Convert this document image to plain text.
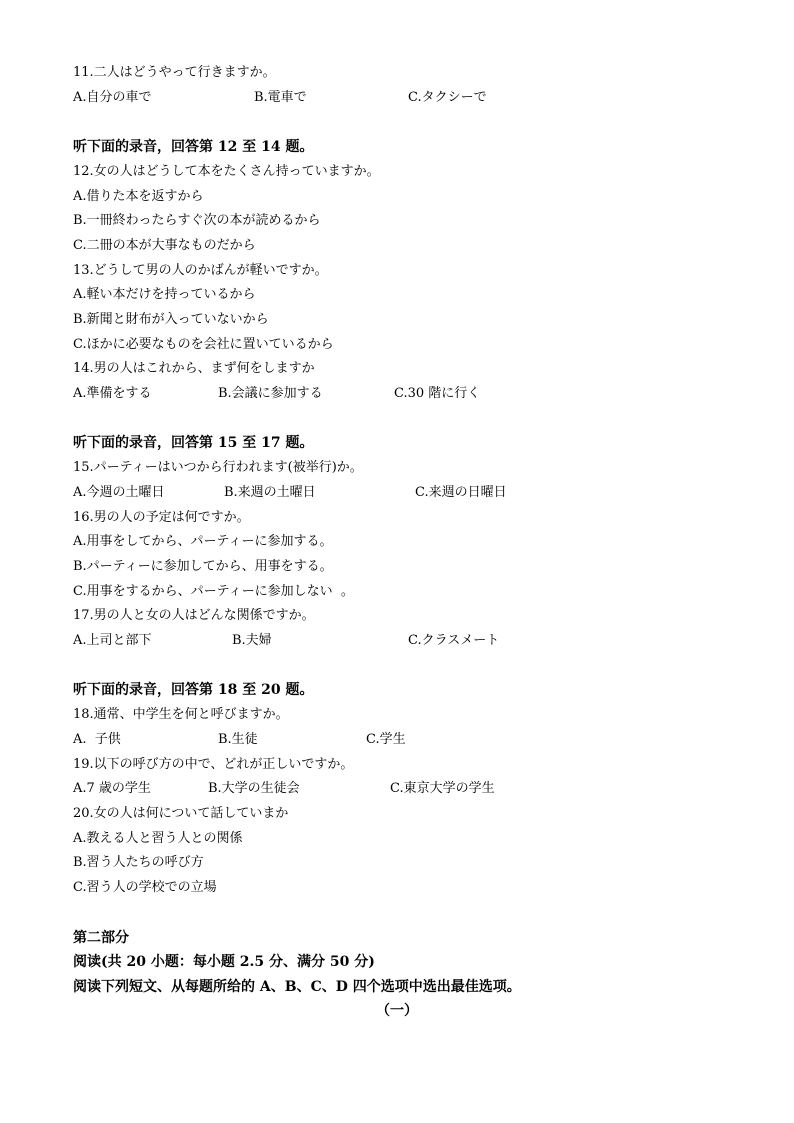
11.二人はどうやって行きますか。
A.自分の車で	B.電車で	C.タクシーで
听下面的录音，回答第 12 至 14 题。
12.女の人はどうして本をたくさん持っていますか。
A.借りた本を返すから
B.一冊終わったらすぐ次の本が読めるから
C.二冊の本が大事なものだから
13.どうして男の人のかばんが軽いですか。
A.軽い本だけを持っているから
B.新聞と財布が入っていないから
C.ほかに必要なものを会社に置いているから
14.男の人はこれから、まず何をしますか
A.準備をする	B.会議に参加する	C.30 階に行く
听下面的录音，回答第 15 至 17 题。
15.パーティーはいつから行われます(被举行)か。
A.今週の土曜日	B.来週の土曜日	C.来週の日曜日
16.男の人の予定は何ですか。
A.用事をしてから、パーティーに参加する。
B.パーティーに参加してから、用事をする。
C.用事をするから、パーティーに参加しない  。
17.男の人と女の人はどんな関係ですか。
A.上司と部下	B.夫婦	C.クラスメート
听下面的录音，回答第 18 至 20 题。
18.通常、中学生を何と呼びますか。
A.  子供	B.生徒	C.学生
19.以下の呼び方の中で、どれが正しいですか。
A.7 歳の学生	B.大学の生徒会	C.東京大学の学生
20.女の人は何について話していまか
A.教える人と習う人との関係
B.習う人たちの呼び方
C.習う人の学校での立場
第二部分
阅读(共 20 小题：每小题 2.5 分、满分 50 分)
阅读下列短文、从每题所给的 A、B、C、D 四个选项中选出最佳选项。
（一）
